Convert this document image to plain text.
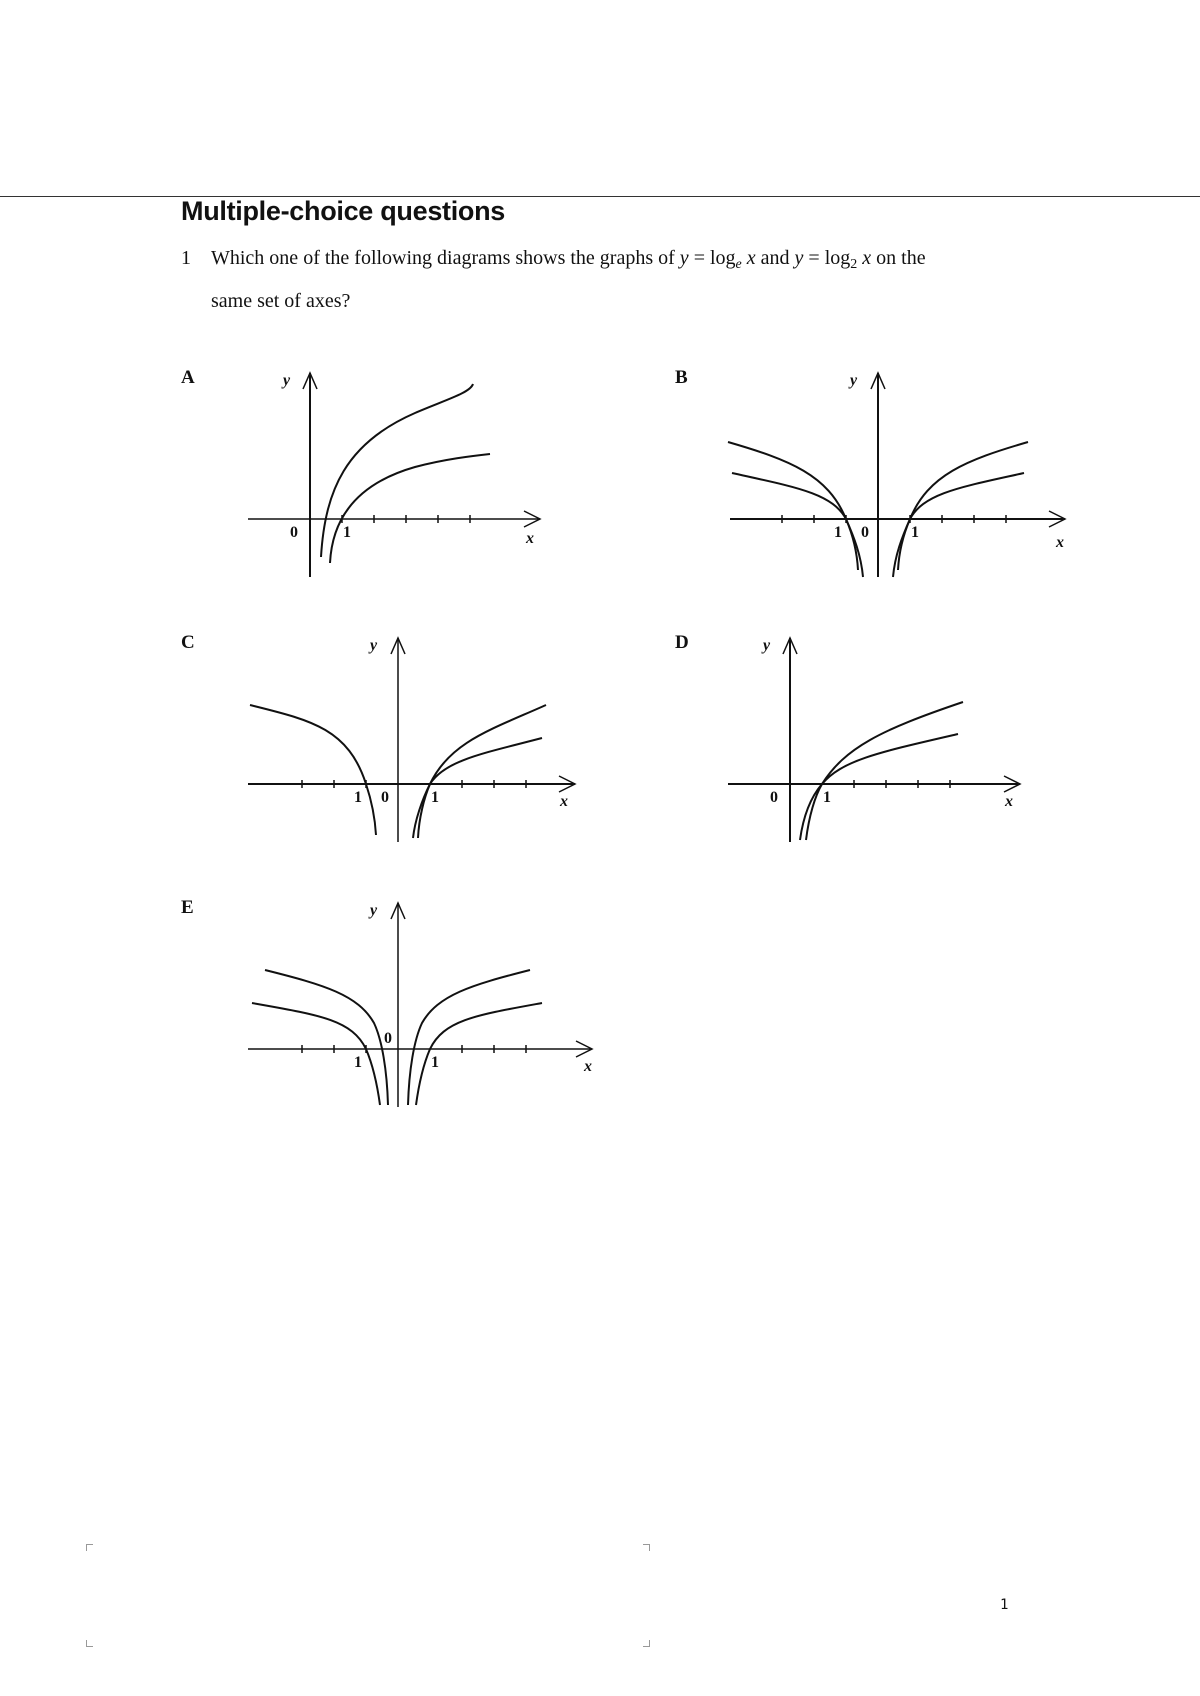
Multiple-choice questions
1 Which one of the following diagrams shows the graphs of $y = \log_e x$ and $y = \log_2 x$ on the
same set of axes?
A
0	1	x
y	B
1 0	1
x
y
C
1 0	1	x
y	D
0	1	x
y
E
1
0
1	x
y
1
